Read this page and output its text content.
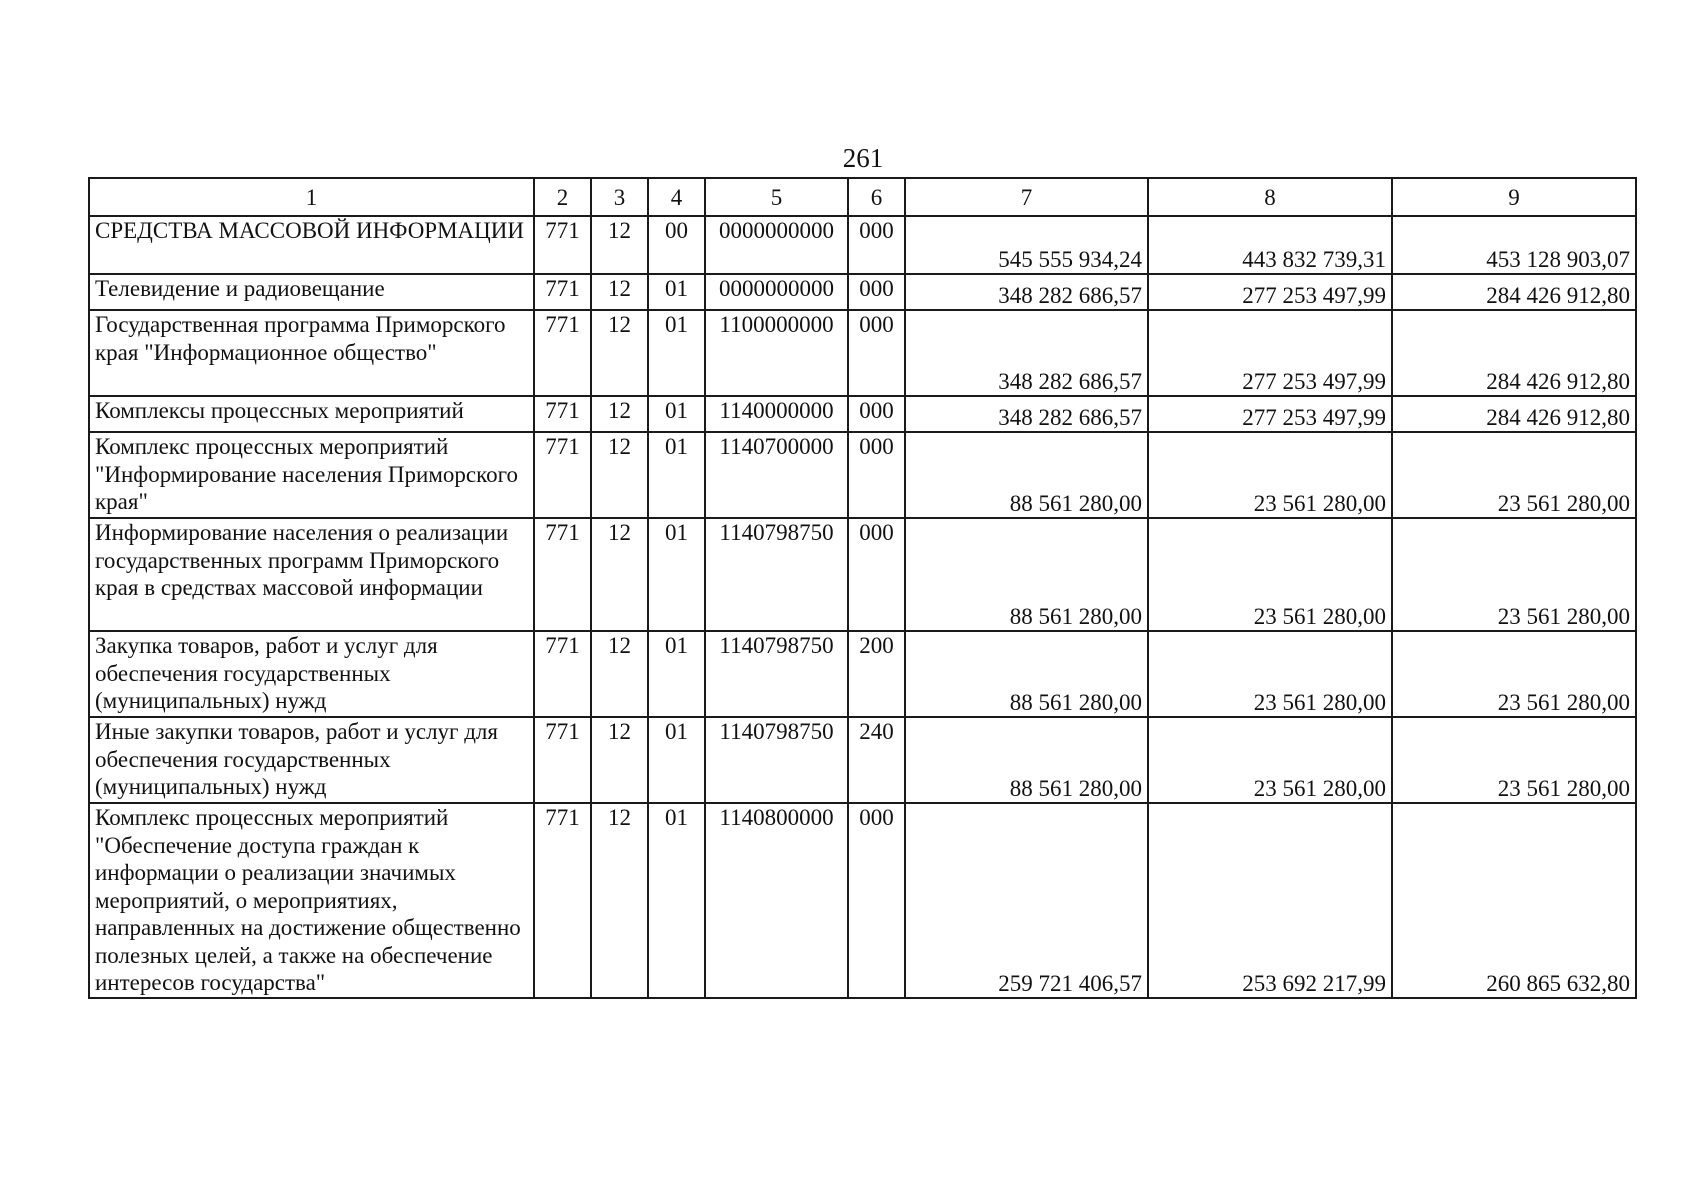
261
1	2	3	4	5	6	7	8	9
СРЕДСТВА МАССОВОЙ ИНФОРМАЦИИ	771	12	00	0000000000	000	545 555 934,24	443 832 739,31	453 128 903,07
Телевидение и радиовещание	771	12	01	0000000000	000	348 282 686,57	277 253 497,99	284 426 912,80
Государственная программа Приморского края "Информационное общество"	771	12	01	1100000000	000	348 282 686,57	277 253 497,99	284 426 912,80
Комплексы процессных мероприятий	771	12	01	1140000000	000	348 282 686,57	277 253 497,99	284 426 912,80
Комплекс процессных мероприятий "Информирование населения Приморского края"	771	12	01	1140700000	000	88 561 280,00	23 561 280,00	23 561 280,00
Информирование населения о реализации государственных программ Приморского края в средствах массовой информации	771	12	01	1140798750	000	88 561 280,00	23 561 280,00	23 561 280,00
Закупка товаров, работ и услуг для обеспечения государственных (муниципальных) нужд	771	12	01	1140798750	200	88 561 280,00	23 561 280,00	23 561 280,00
Иные закупки товаров, работ и услуг для обеспечения государственных (муниципальных) нужд	771	12	01	1140798750	240	88 561 280,00	23 561 280,00	23 561 280,00
Комплекс процессных мероприятий "Обеспечение доступа граждан к информации о реализации значимых мероприятий, о мероприятиях, направленных на достижение общественно полезных целей, а также на обеспечение интересов государства"	771	12	01	1140800000	000	259 721 406,57	253 692 217,99	260 865 632,80
